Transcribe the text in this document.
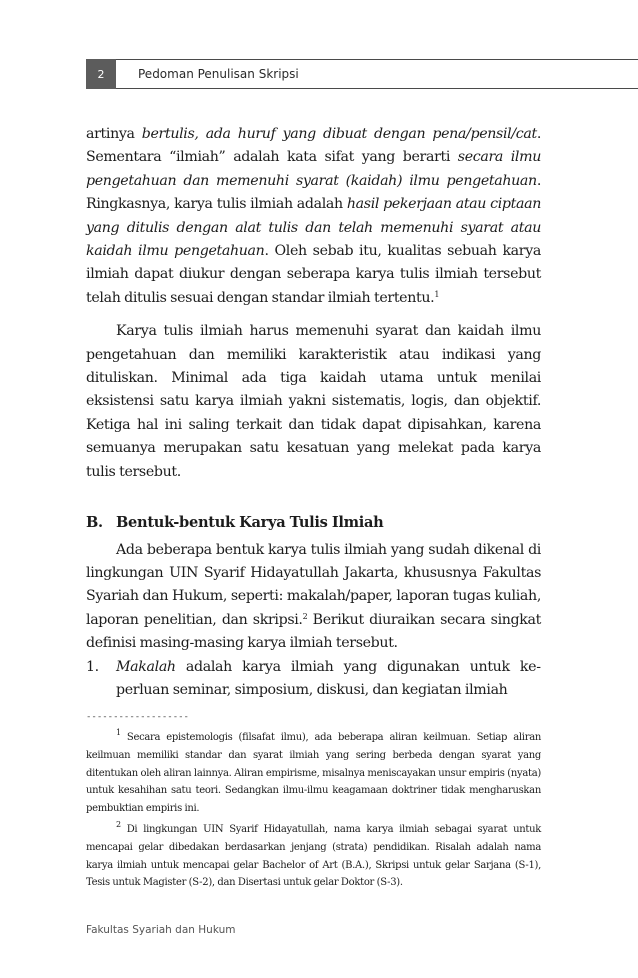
2	Pedoman Penulisan Skripsi

artinya bertulis, ada huruf yang dibuat dengan pena/pensil/cat. Sementara “ilmiah” adalah kata sifat yang berarti secara ilmu pengetahuan dan memenuhi syarat (kaidah) ilmu pengetahuan. Ringkasnya, karya tulis ilmiah adalah hasil pekerjaan atau ciptaan yang ditulis dengan alat tulis dan telah memenuhi syarat atau kaidah ilmu pengetahuan. Oleh sebab itu, kualitas sebuah karya ilmiah dapat diukur dengan seberapa karya tulis ilmiah tersebut telah ditulis sesuai dengan standar ilmiah tertentu.$^1$

Karya tulis ilmiah harus memenuhi syarat dan kaidah ilmu pengetahuan dan memiliki karakteristik atau indikasi yang dituliskan. Minimal ada tiga kaidah utama untuk menilai eksistensi satu karya ilmiah yakni sistematis, logis, dan objektif. Ketiga hal ini saling terkait dan tidak dapat dipisahkan, karena semuanya merupakan satu kesatuan yang melekat pada karya tulis tersebut.

B. Bentuk-bentuk Karya Tulis Ilmiah

Ada beberapa bentuk karya tulis ilmiah yang sudah dikenal di lingkungan UIN Syarif Hidayatullah Jakarta, khususnya Fakultas Syariah dan Hukum, seperti: makalah/paper, laporan tugas kuliah, laporan penelitian, dan skripsi.$^2$ Berikut diuraikan secara singkat definisi masing-masing karya ilmiah tersebut.

1.	Makalah adalah karya ilmiah yang digunakan untuk keperluan seminar, simposium, diskusi, dan kegiatan ilmiah
-------------------

$^1$ Secara epistemologis (filsafat ilmu), ada beberapa aliran keilmuan. Setiap aliran keilmuan memiliki standar dan syarat ilmiah yang sering berbeda dengan syarat yang ditentukan oleh aliran lainnya. Aliran empirisme, misalnya meniscayakan unsur empiris (nyata) untuk kesahihan satu teori. Sedangkan ilmu-ilmu keagamaan doktriner tidak mengharuskan pembuktian empiris ini.

$^2$ Di lingkungan UIN Syarif Hidayatullah, nama karya ilmiah sebagai syarat untuk mencapai gelar dibedakan berdasarkan jenjang (strata) pendidikan. Risalah adalah nama karya ilmiah untuk mencapai gelar Bachelor of Art (B.A.), Skripsi untuk gelar Sarjana (S-1), Tesis untuk Magister (S-2), dan Disertasi untuk gelar Doktor (S-3).

Fakultas Syariah dan Hukum
